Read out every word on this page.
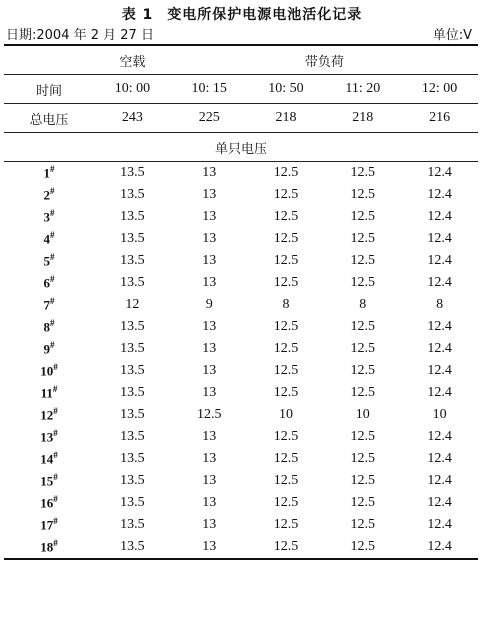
表 1 变电所保护电源电池活化记录
日期:2004 年 2 月 27 日	单位:V
	空载	带负荷			
时间	10: 00	10: 15	10: 50	11: 20	12: 00
总电压	243	225	218	218	216
单只电压					
1#	13.5	13	12.5	12.5	12.4
2#	13.5	13	12.5	12.5	12.4
3#	13.5	13	12.5	12.5	12.4
4#	13.5	13	12.5	12.5	12.4
5#	13.5	13	12.5	12.5	12.4
6#	13.5	13	12.5	12.5	12.4
7#	12	9	8	8	8
8#	13.5	13	12.5	12.5	12.4
9#	13.5	13	12.5	12.5	12.4
10#	13.5	13	12.5	12.5	12.4
11#	13.5	13	12.5	12.5	12.4
12#	13.5	12.5	10	10	10
13#	13.5	13	12.5	12.5	12.4
14#	13.5	13	12.5	12.5	12.4
15#	13.5	13	12.5	12.5	12.4
16#	13.5	13	12.5	12.5	12.4
17#	13.5	13	12.5	12.5	12.4
18#	13.5	13	12.5	12.5	12.4
